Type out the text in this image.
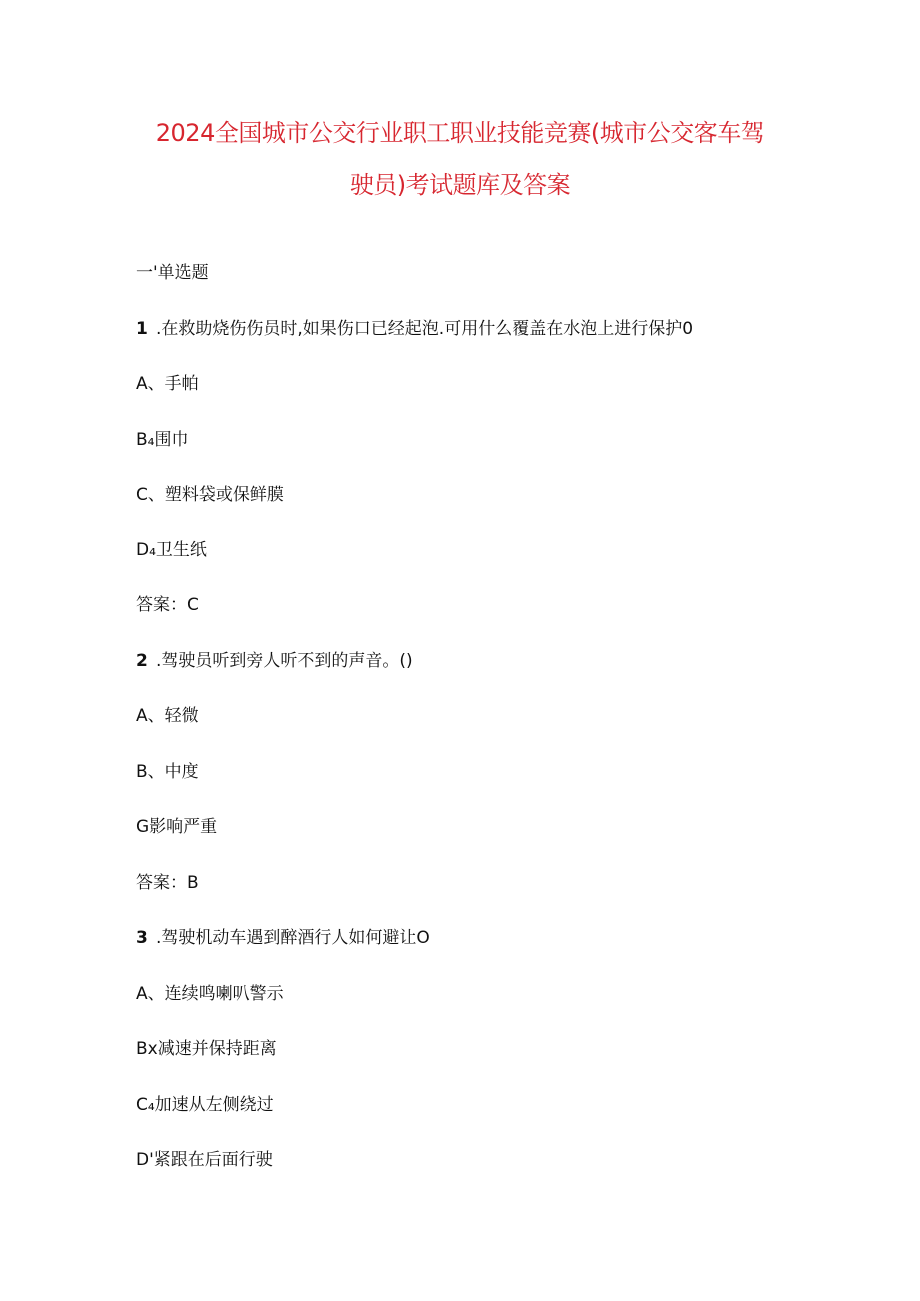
2024全国城市公交行业职工职业技能竞赛(城市公交客车驾
驶员)考试题库及答案
一'单选题
1 .在救助烧伤伤员时,如果伤口已经起泡.可用什么覆盖在水泡上进行保护0
A、手帕
B₄围巾
C、塑料袋或保鲜膜
D₄卫生纸
答案：C
2 .驾驶员听到旁人听不到的声音。()
A、轻微
B、中度
G影响严重
答案：B
3 .驾驶机动车遇到醉酒行人如何避让O
A、连续鸣喇叭警示
Bx减速并保持距离
C₄加速从左侧绕过
D'紧跟在后面行驶
